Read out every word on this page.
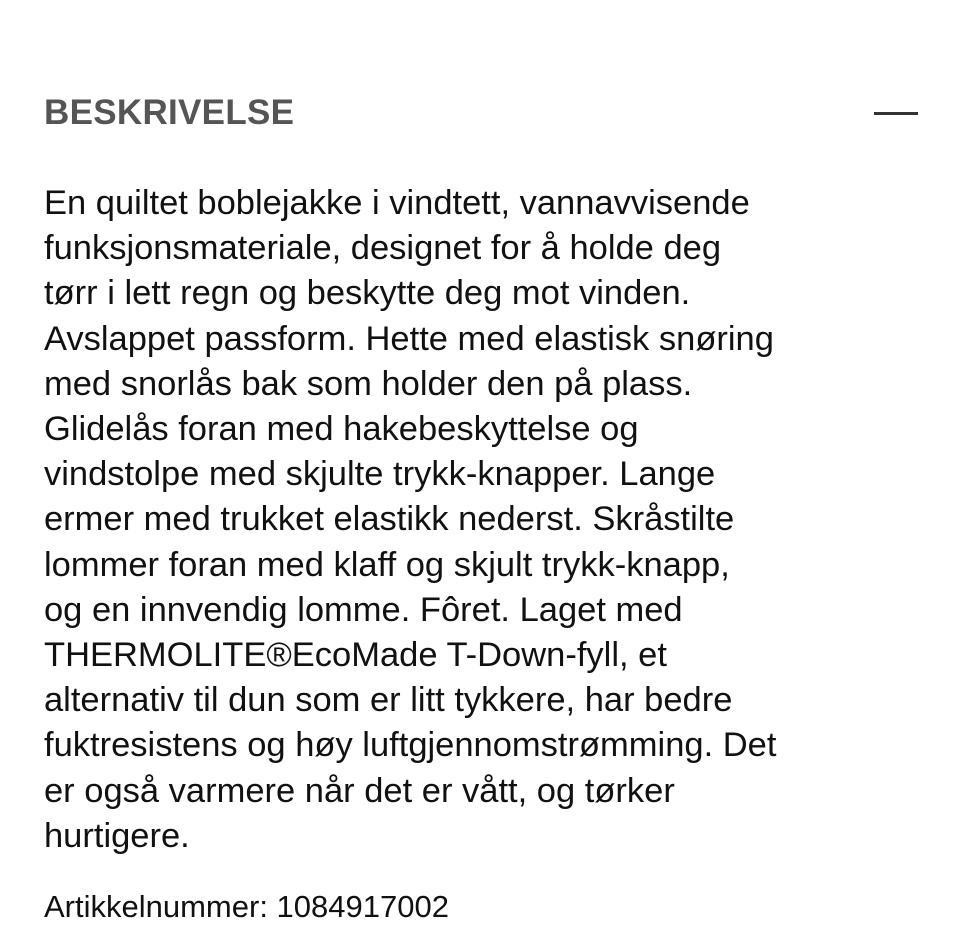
BESKRIVELSE

En quiltet boblejakke i vindtett, vannavvisende
funksjonsmateriale, designet for å holde deg
tørr i lett regn og beskytte deg mot vinden.
Avslappet passform. Hette med elastisk snøring
med snorlås bak som holder den på plass.
Glidelås foran med hakebeskyttelse og
vindstolpe med skjulte trykk-knapper. Lange
ermer med trukket elastikk nederst. Skråstilte
lommer foran med klaff og skjult trykk-knapp,
og en innvendig lomme. Fôret. Laget med
THERMOLITE®EcoMade T-Down-fyll, et
alternativ til dun som er litt tykkere, har bedre
fuktresistens og høy luftgjennomstrømming. Det
er også varmere når det er vått, og tørker
hurtigere.

Artikkelnummer: 1084917002
